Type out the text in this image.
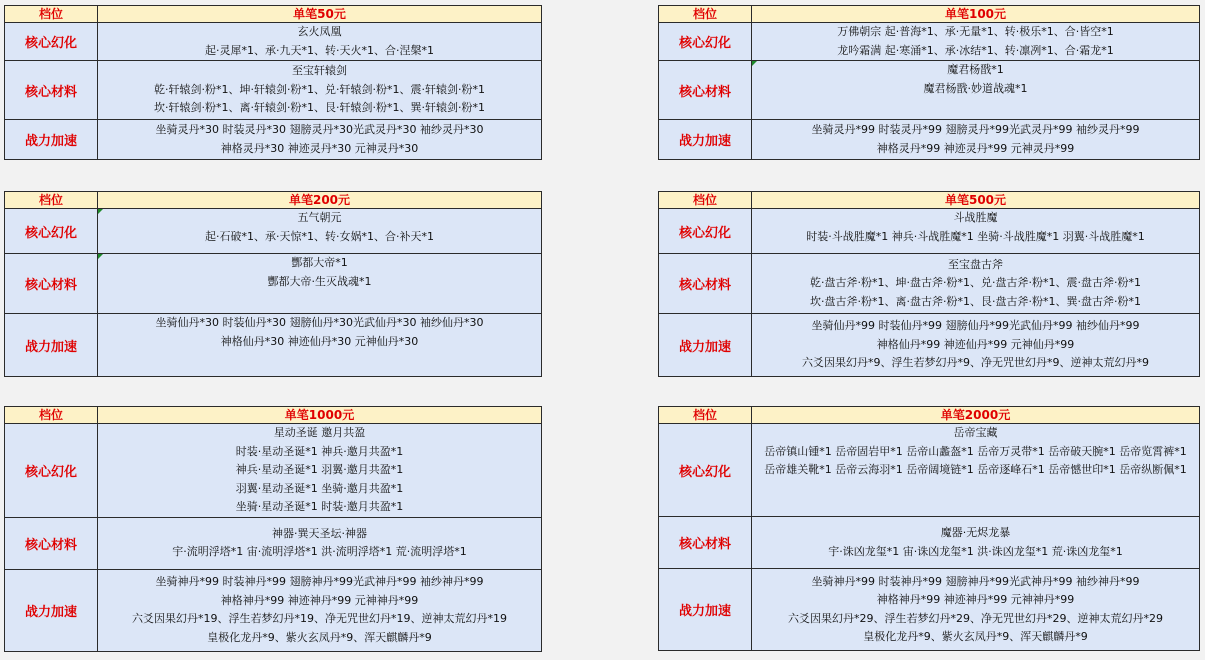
档位	单笔50元
核心幻化	玄火凤凰
起·灵犀*1、承·九天*1、转·天火*1、合·涅槃*1

核心材料	至宝轩辕剑
乾·轩辕剑·粉*1、坤·轩辕剑·粉*1、兑·轩辕剑·粉*1、震·轩辕剑·粉*1
坎·轩辕剑·粉*1、离·轩辕剑·粉*1、艮·轩辕剑·粉*1、巽·轩辕剑·粉*1

战力加速	坐骑灵丹*30 时装灵丹*30 翅膀灵丹*30光武灵丹*30 袖纱灵丹*30
神格灵丹*30 神迹灵丹*30 元神灵丹*30
档位	单笔100元
核心幻化	万佛朝宗 起·普海*1、承·无量*1、转·极乐*1、合·皆空*1
龙吟霜满 起·寒涌*1、承·冰结*1、转·凛冽*1、合·霜龙*1

核心材料	魔君杨戬*1
魔君杨戬·妙道战魂*1

战力加速	坐骑灵丹*99 时装灵丹*99 翅膀灵丹*99光武灵丹*99 袖纱灵丹*99
神格灵丹*99 神迹灵丹*99 元神灵丹*99
档位	单笔200元
核心幻化	五气朝元
起·石破*1、承·天惊*1、转·女娲*1、合·补天*1

核心材料	酆都大帝*1
酆都大帝·生灭战魂*1

战力加速	坐骑仙丹*30 时装仙丹*30 翅膀仙丹*30光武仙丹*30 袖纱仙丹*30
神格仙丹*30 神迹仙丹*30 元神仙丹*30
档位	单笔500元
核心幻化	斗战胜魔
时装·斗战胜魔*1 神兵·斗战胜魔*1 坐骑·斗战胜魔*1 羽翼·斗战胜魔*1

核心材料	至宝盘古斧
乾·盘古斧·粉*1、坤·盘古斧·粉*1、兑·盘古斧·粉*1、震·盘古斧·粉*1
坎·盘古斧·粉*1、离·盘古斧·粉*1、艮·盘古斧·粉*1、巽·盘古斧·粉*1

战力加速	坐骑仙丹*99 时装仙丹*99 翅膀仙丹*99光武仙丹*99 袖纱仙丹*99
神格仙丹*99 神迹仙丹*99 元神仙丹*99
六爻因果幻丹*9、浮生若梦幻丹*9、净无咒世幻丹*9、逆神太荒幻丹*9
档位	单笔1000元
核心幻化	星动圣诞 邀月共盈
时装·星动圣诞*1 神兵·邀月共盈*1
神兵·星动圣诞*1 羽翼·邀月共盈*1
羽翼·星动圣诞*1 坐骑·邀月共盈*1
坐骑·星动圣诞*1 时装·邀月共盈*1

核心材料	神器·巽天圣坛·神器
宇·流明浮塔*1 宙·流明浮塔*1 洪·流明浮塔*1 荒·流明浮塔*1

战力加速	坐骑神丹*99 时装神丹*99 翅膀神丹*99光武神丹*99 袖纱神丹*99
神格神丹*99 神迹神丹*99 元神神丹*99
六爻因果幻丹*19、浮生若梦幻丹*19、净无咒世幻丹*19、逆神太荒幻丹*19
皇极化龙丹*9、紫火玄凤丹*9、浑天麒麟丹*9
档位	单笔2000元
核心幻化	岳帝宝藏
岳帝镇山锺*1 岳帝固岩甲*1 岳帝山蠡盔*1 岳帝万灵带*1 岳帝破天腕*1 岳帝览霄裤*1
岳帝雄关靴*1 岳帝云海羽*1 岳帝阔境链*1 岳帝逐峰石*1 岳帝憾世印*1 岳帝纵断佩*1

核心材料	魔器·无烬龙暴
宇·诛凶龙玺*1 宙·诛凶龙玺*1 洪·诛凶龙玺*1 荒·诛凶龙玺*1

战力加速	坐骑神丹*99 时装神丹*99 翅膀神丹*99光武神丹*99 袖纱神丹*99
神格神丹*99 神迹神丹*99 元神神丹*99
六爻因果幻丹*29、浮生若梦幻丹*29、净无咒世幻丹*29、逆神太荒幻丹*29
皇极化龙丹*9、紫火玄凤丹*9、浑天麒麟丹*9
